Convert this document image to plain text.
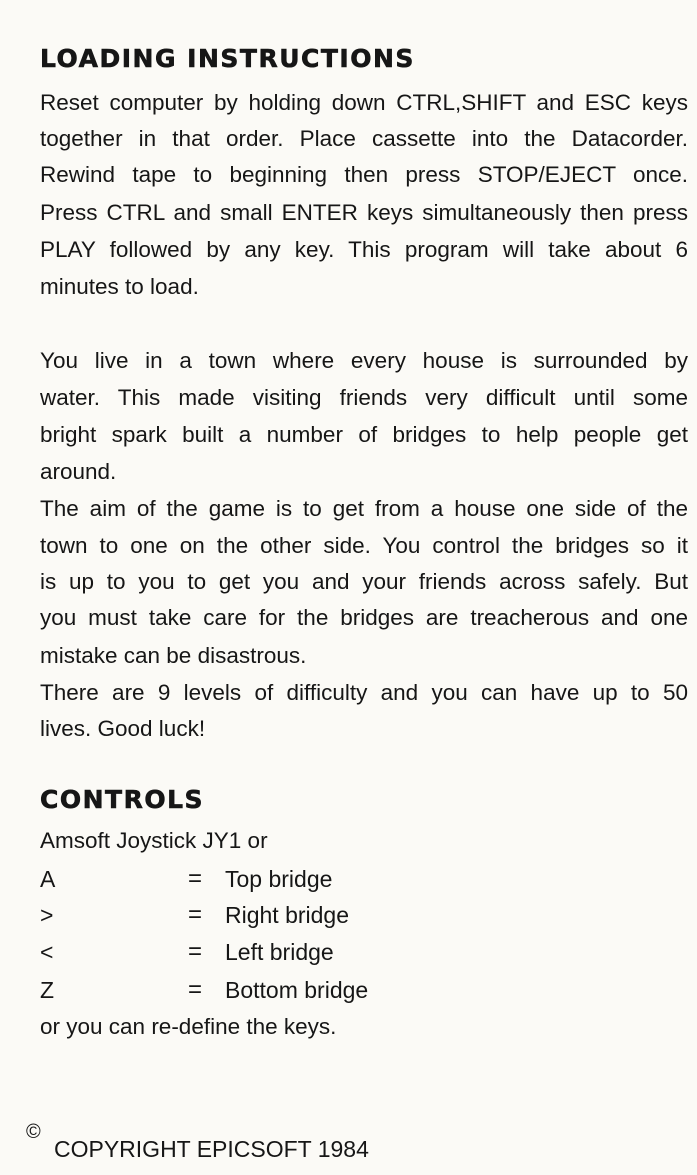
LOADING INSTRUCTIONS

Reset computer by holding down CTRL,SHIFT and ESC keys

together in that order. Place cassette into the Datacorder.

Rewind tape to beginning then press STOP/EJECT once.

Press CTRL and small ENTER keys simultaneously then press

PLAY followed by any key. This program will take about 6

minutes to load.

You live in a town where every house is surrounded by

water. This made visiting friends very difficult until some

bright spark built a number of bridges to help people get

around.

The aim of the game is to get from a house one side of the

town to one on the other side. You control the bridges so it

is up to you to get you and your friends across safely. But

you must take care for the bridges are treacherous and one

mistake can be disastrous.

There are 9 levels of difficulty and you can have up to 50

lives. Good luck!

CONTROLS

Amsoft Joystick JY1 or

A	= Top bridge
>	= Right bridge
<	= Left bridge
Z	= Bottom bridge

or you can re-define the keys.

©
COPYRIGHT EPICSOFT 1984
